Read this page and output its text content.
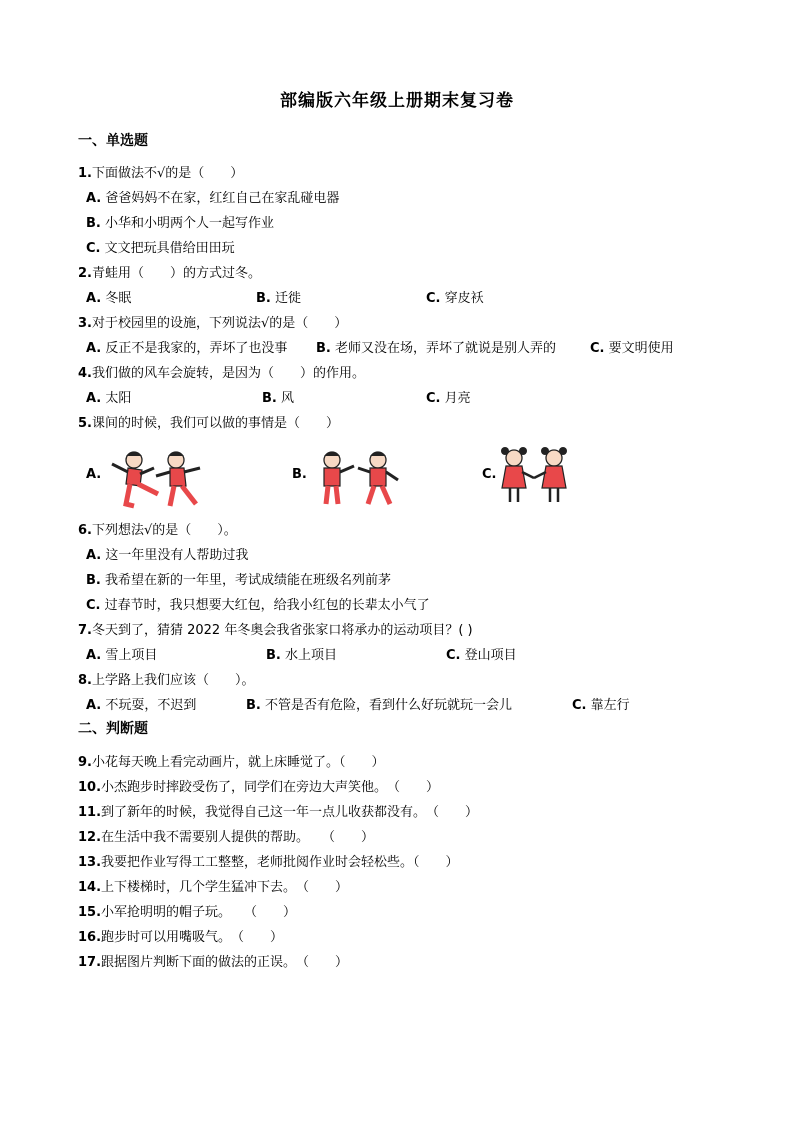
部编版六年级上册期末复习卷
一、单选题
1.下面做法不√的是（　　）
A. 爸爸妈妈不在家，红红自己在家乱碰电器
B. 小华和小明两个人一起写作业
C. 文文把玩具借给田田玩
2.青蛙用（　　）的方式过冬。
A. 冬眠	B. 迁徙	C. 穿皮袄
3.对于校园里的设施，下列说法√的是（　　）
A. 反正不是我家的，弄坏了也没事 B. 老师又没在场，弄坏了就说是别人弄的	C. 要文明使用
4.我们做的风车会旋转，是因为（　　）的作用。
A. 太阳	B. 风	C. 月亮
5.课间的时候，我们可以做的事情是（　　）
A.	B.	C.
6.下列想法√的是（　　）。
A. 这一年里没有人帮助过我
B. 我希望在新的一年里，考试成绩能在班级名列前茅
C. 过春节时，我只想要大红包，给我小红包的长辈太小气了
7.冬天到了，猜猜 2022 年冬奥会我省张家口将承办的运动项目？( )
A. 雪上项目	B. 水上项目	C. 登山项目
8.上学路上我们应该（　　）。
A. 不玩耍，不迟到	B. 不管是否有危险，看到什么好玩就玩一会儿	C. 靠左行
二、判断题
9.小花每天晚上看完动画片，就上床睡觉了。（　　）
10.小杰跑步时摔跤受伤了，同学们在旁边大声笑他。　（　　）
11.到了新年的时候，我觉得自己这一年一点儿收获都没有。　（　　）
12.在生活中我不需要别人提供的帮助。　　（　　）
13.我要把作业写得工工整整，老师批阅作业时会轻松些。（　　）
14.上下楼梯时，几个学生猛冲下去。　（　　）
15.小军抢明明的帽子玩。　　（　　）
16.跑步时可以用嘴吸气。　（　　）
17.跟据图片判断下面的做法的正误。　（　　）
